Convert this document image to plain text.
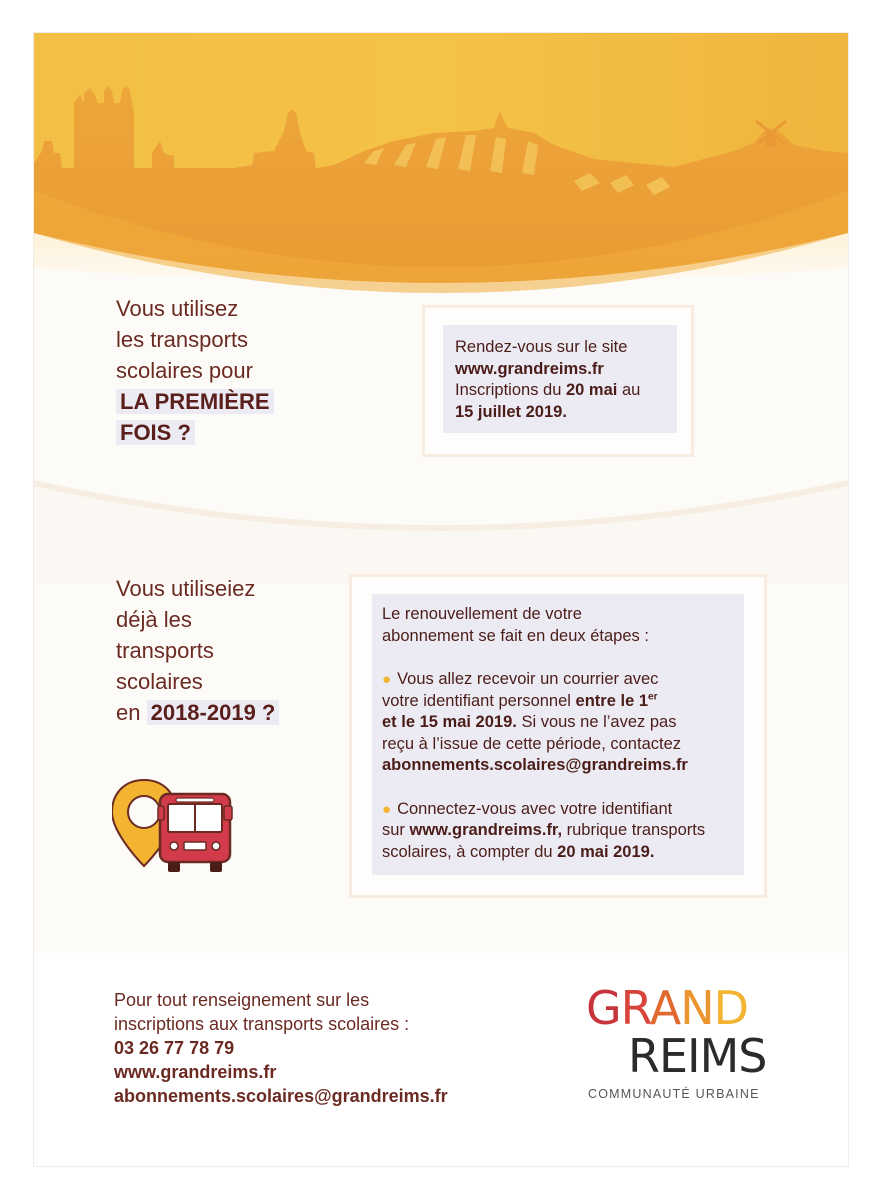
Vous utilisez
les transports
scolaires pour
LA PREMIÈRE
FOIS ?
Rendez-vous sur le site
www.grandreims.fr
Inscriptions du 20 mai au
15 juillet 2019.
Vous utiliseiez
déjà les
transports
scolaires
en 2018-2019 ?
Le renouvellement de votre
abonnement se fait en deux étapes :
● Vous allez recevoir un courrier avec
votre identifiant personnel entre le 1er
et le 15 mai 2019. Si vous ne l’avez pas
reçu à l’issue de cette période, contactez
abonnements.scolaires@grandreims.fr
● Connectez-vous avec votre identifiant
sur www.grandreims.fr, rubrique transports
scolaires, à compter du 20 mai 2019.
Pour tout renseignement sur les
inscriptions aux transports scolaires :
03 26 77 78 79
www.grandreims.fr
abonnements.scolaires@grandreims.fr
GRAND
REIMS
COMMUNAUTÉ URBAINE
